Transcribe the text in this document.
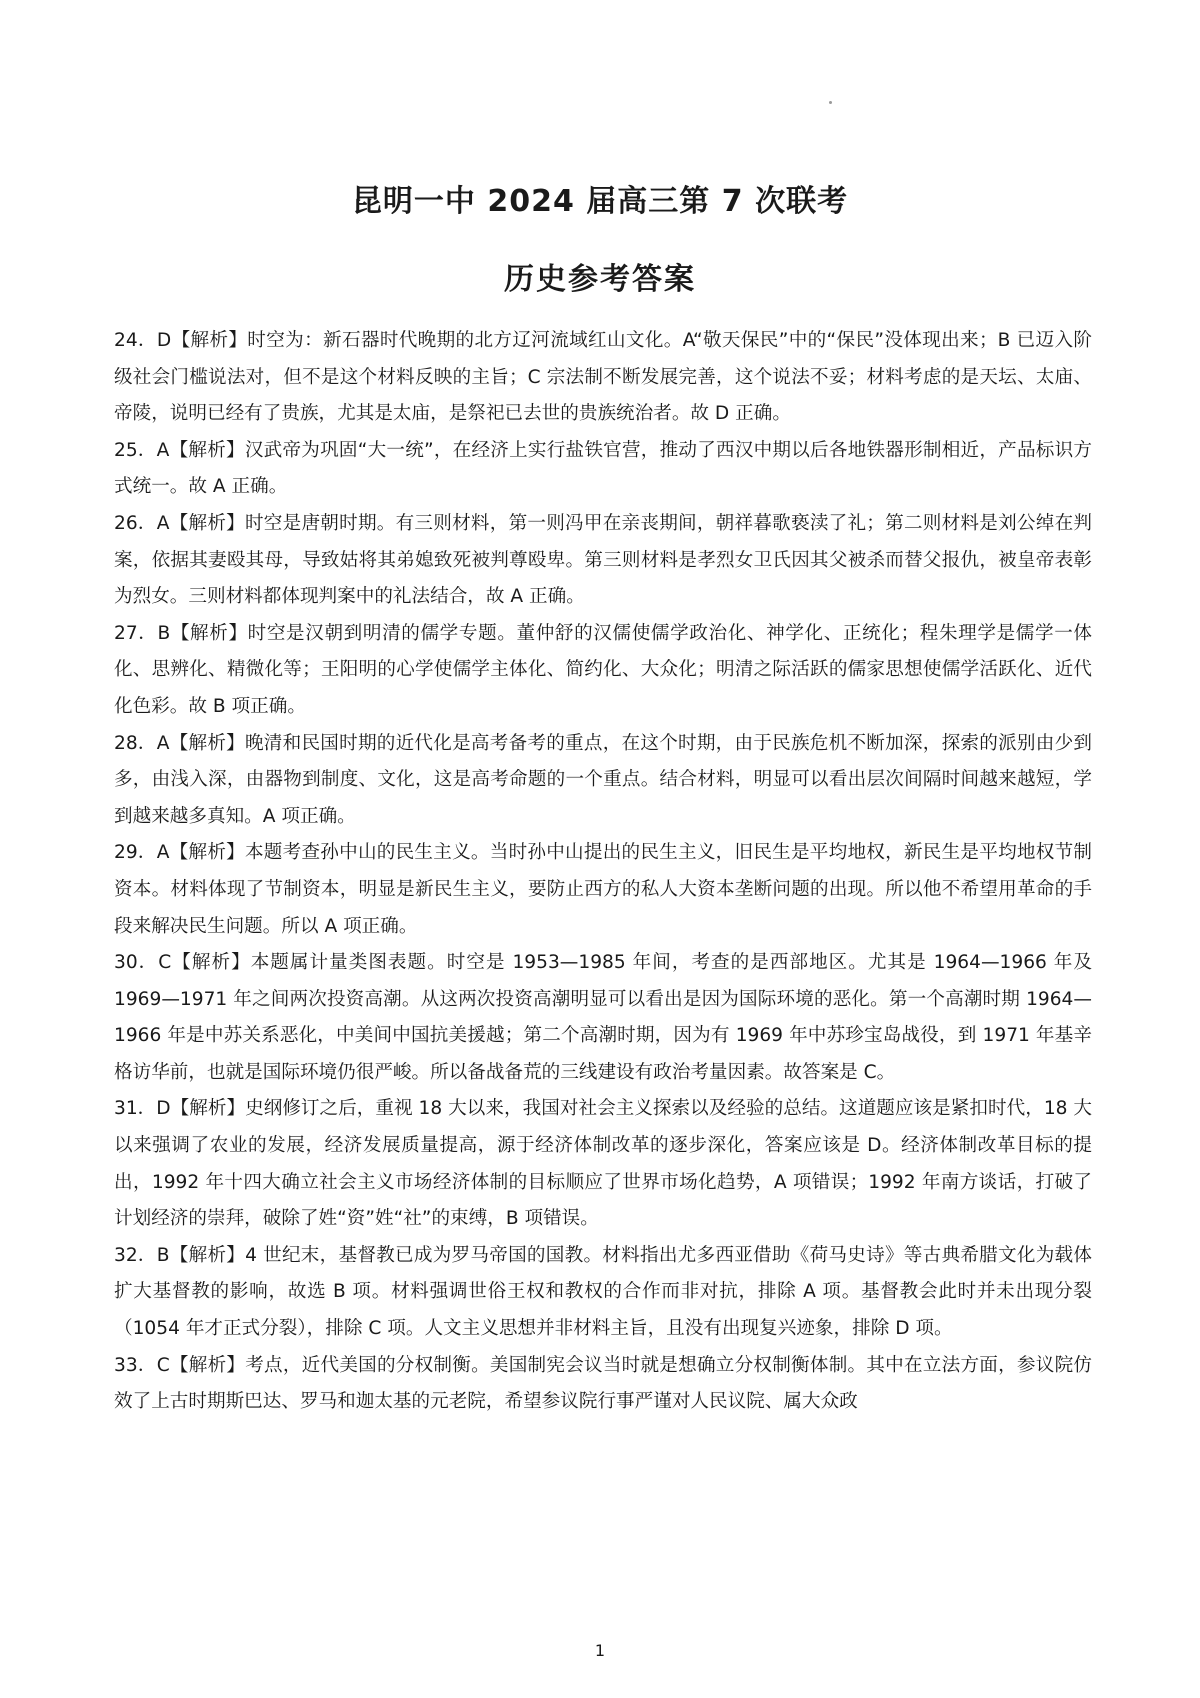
昆明一中 2024 届高三第 7 次联考
历史参考答案

24．D【解析】时空为：新石器时代晚期的北方辽河流域红山文化。A“敬天保民”中的“保民”没体现出来；B 已迈入阶级社会门槛说法对，但不是这个材料反映的主旨；C 宗法制不断发展完善，这个说法不妥；材料考虑的是天坛、太庙、帝陵，说明已经有了贵族，尤其是太庙，是祭祀已去世的贵族统治者。故 D 正确。

25．A【解析】汉武帝为巩固“大一统”，在经济上实行盐铁官营，推动了西汉中期以后各地铁器形制相近，产品标识方式统一。故 A 正确。

26．A【解析】时空是唐朝时期。有三则材料，第一则冯甲在亲丧期间，朝祥暮歌亵渎了礼；第二则材料是刘公绰在判案，依据其妻殴其母，导致姑将其弟媳致死被判尊殴卑。第三则材料是孝烈女卫氏因其父被杀而替父报仇，被皇帝表彰为烈女。三则材料都体现判案中的礼法结合，故 A 正确。

27．B【解析】时空是汉朝到明清的儒学专题。董仲舒的汉儒使儒学政治化、神学化、正统化；程朱理学是儒学一体化、思辨化、精微化等；王阳明的心学使儒学主体化、简约化、大众化；明清之际活跃的儒家思想使儒学活跃化、近代化色彩。故 B 项正确。

28．A【解析】晚清和民国时期的近代化是高考备考的重点，在这个时期，由于民族危机不断加深，探索的派别由少到多，由浅入深，由器物到制度、文化，这是高考命题的一个重点。结合材料，明显可以看出层次间隔时间越来越短，学到越来越多真知。A 项正确。

29．A【解析】本题考查孙中山的民生主义。当时孙中山提出的民生主义，旧民生是平均地权，新民生是平均地权节制资本。材料体现了节制资本，明显是新民生主义，要防止西方的私人大资本垄断问题的出现。所以他不希望用革命的手段来解决民生问题。所以 A 项正确。

30．C【解析】本题属计量类图表题。时空是 1953—1985 年间，考查的是西部地区。尤其是 1964—1966 年及 1969—1971 年之间两次投资高潮。从这两次投资高潮明显可以看出是因为国际环境的恶化。第一个高潮时期 1964—1966 年是中苏关系恶化，中美间中国抗美援越；第二个高潮时期，因为有 1969 年中苏珍宝岛战役，到 1971 年基辛格访华前，也就是国际环境仍很严峻。所以备战备荒的三线建设有政治考量因素。故答案是 C。

31．D【解析】史纲修订之后，重视 18 大以来，我国对社会主义探索以及经验的总结。这道题应该是紧扣时代，18 大以来强调了农业的发展，经济发展质量提高，源于经济体制改革的逐步深化，答案应该是 D。经济体制改革目标的提出，1992 年十四大确立社会主义市场经济体制的目标顺应了世界市场化趋势，A 项错误；1992 年南方谈话，打破了计划经济的崇拜，破除了姓“资”姓“社”的束缚，B 项错误。

32．B【解析】4 世纪末，基督教已成为罗马帝国的国教。材料指出尤多西亚借助《荷马史诗》等古典希腊文化为载体扩大基督教的影响，故选 B 项。材料强调世俗王权和教权的合作而非对抗，排除 A 项。基督教会此时并未出现分裂（1054 年才正式分裂），排除 C 项。人文主义思想并非材料主旨，且没有出现复兴迹象，排除 D 项。

33．C【解析】考点，近代美国的分权制衡。美国制宪会议当时就是想确立分权制衡体制。其中在立法方面，参议院仿效了上古时期斯巴达、罗马和迦太基的元老院，希望参议院行事严谨对人民议院、属大众政

1
